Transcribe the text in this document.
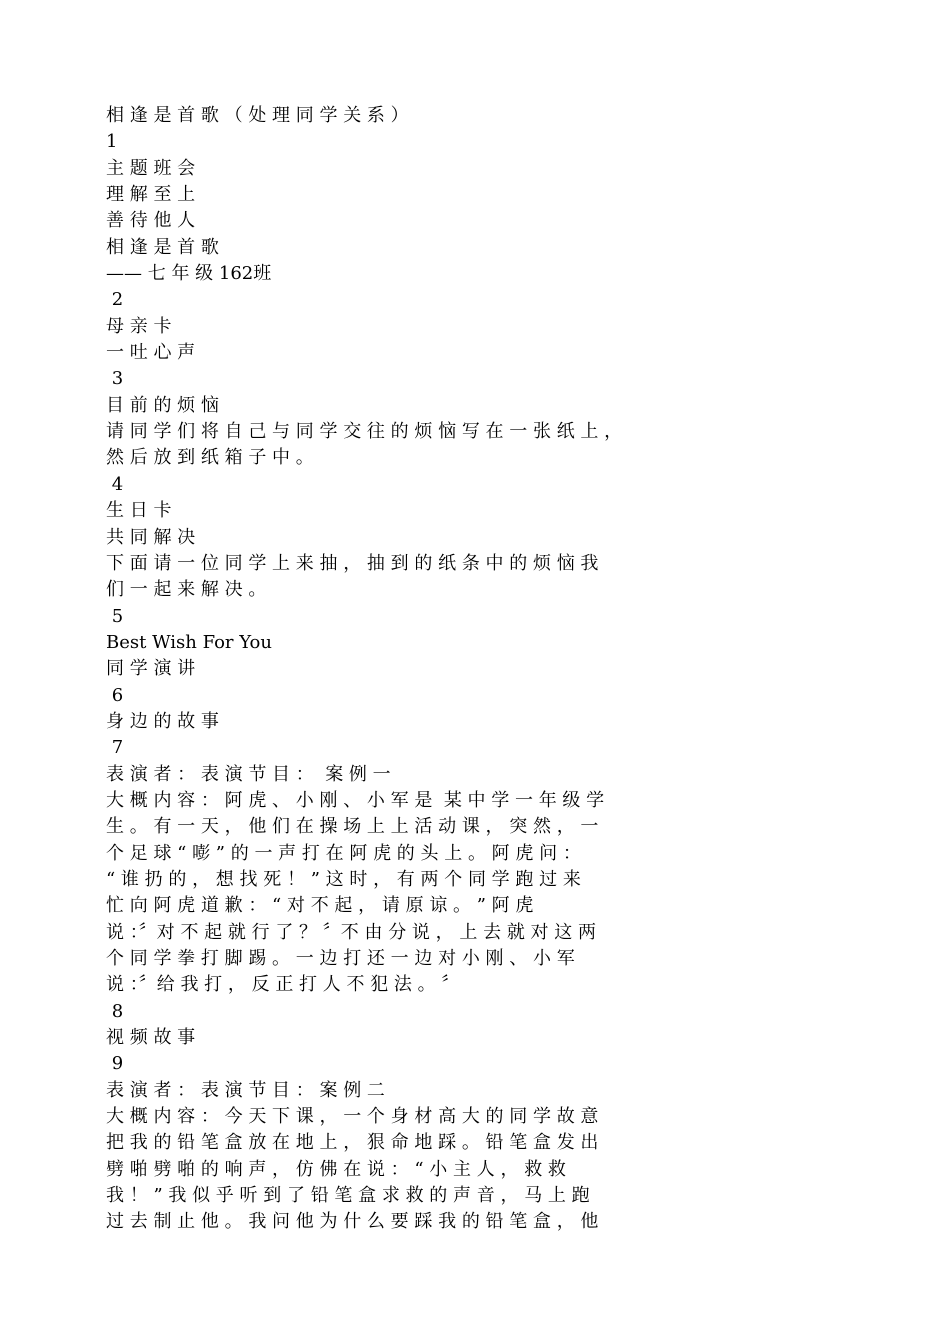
相 逢 是 首 歌 （ 处 理 同 学 关 系 ）
1
主 题 班 会
理 解 至 上
善 待 他 人
相 逢 是 首 歌
—— 七 年 级 162班
2
母 亲 卡
一 吐 心 声
3
目 前 的 烦 恼
请 同 学 们 将 自 己 与 同 学 交 往 的 烦 恼 写 在 一 张 纸 上 ，
然 后 放 到 纸 箱 子 中 。
4
生 日 卡
共 同 解 决
下 面 请 一 位 同 学 上 来 抽 ， 抽 到 的 纸 条 中 的 烦 恼 我
们 一 起 来 解 决 。
5
Best Wish For You
同 学 演 讲
6
身 边 的 故 事
7
表 演 者 ： 表 演 节 目 ：  案 例 一
大 概 内 容 ： 阿 虎 、 小 刚 、 小 军 是  某 中 学 一 年 级 学
生 。 有 一 天 ， 他 们 在 操 场 上 上 活 动 课 ， 突 然 ， 一
个 足 球 “ 嘭 ” 的 一 声 打 在 阿 虎 的 头 上 。 阿 虎 问 ：
“ 谁 扔 的 ， 想 找 死 ！ ” 这 时 ， 有 两 个 同 学 跑 过 来
忙 向 阿 虎 道 歉 ： “ 对 不 起 ， 请 原 谅 。 ” 阿 虎
说 ：〞对 不 起 就 行 了 ？ 〞不 由 分 说 ， 上 去 就 对 这 两
个 同 学 拳 打 脚 踢 。 一 边 打 还 一 边 对 小 刚 、 小 军
说 ：〞给 我 打 ， 反 正 打 人 不 犯 法 。 〞
8
视 频 故 事
9
表 演 者 ： 表 演 节 目 ： 案 例 二
大 概 内 容 ： 今 天 下 课 ， 一 个 身 材 高 大 的 同 学 故 意
把 我 的 铅 笔 盒 放 在 地 上 ， 狠 命 地 踩 。 铅 笔 盒 发 出
劈 啪 劈 啪 的 响 声 ， 仿 佛 在 说 ： “ 小 主 人 ， 救 救
我 ！ ” 我 似 乎 听 到 了 铅 笔 盒 求 救 的 声 音 ， 马 上 跑
过 去 制 止 他 。 我 问 他 为 什 么 要 踩 我 的 铅 笔 盒 ， 他
